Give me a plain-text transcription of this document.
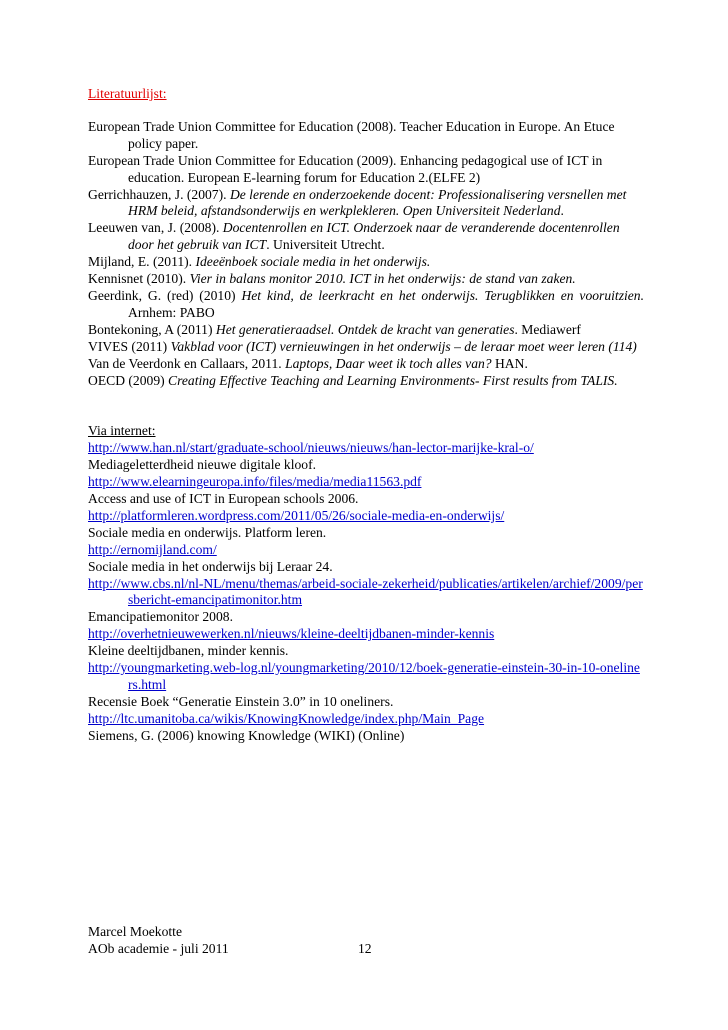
Literatuurlijst:

European Trade Union Committee for Education (2008). Teacher Education in Europe. An Etuce policy paper.

European Trade Union Committee for Education (2009). Enhancing pedagogical use of ICT in education. European E-learning forum for Education 2.(ELFE 2)

Gerrichhauzen, J. (2007). De lerende en onderzoekende docent: Professionalisering versnellen met HRM beleid, afstandsonderwijs en werkplekleren. Open Universiteit Nederland.

Leeuwen van, J. (2008). Docentenrollen en ICT. Onderzoek naar de veranderende docentenrollen door het gebruik van ICT. Universiteit Utrecht.

Mijland, E. (2011). Ideeënboek sociale media in het onderwijs.

Kennisnet (2010). Vier in balans monitor 2010. ICT in het onderwijs: de stand van zaken.

Geerdink, G. (red) (2010) Het kind, de leerkracht en het onderwijs. Terugblikken en vooruitzien. Arnhem: PABO

Bontekoning, A (2011) Het generatieraadsel. Ontdek de kracht van generaties. Mediawerf

VIVES (2011) Vakblad voor (ICT) vernieuwingen in het onderwijs – de leraar moet weer leren (114)

Van de Veerdonk en Callaars, 2011. Laptops, Daar weet ik toch alles van? HAN.

OECD (2009) Creating Effective Teaching and Learning Environments- First results from TALIS.

Via internet:

http://www.han.nl/start/graduate-school/nieuws/nieuws/han-lector-marijke-kral-o/

Mediageletterdheid nieuwe digitale kloof.

http://www.elearningeuropa.info/files/media/media11563.pdf

Access and use of ICT in European schools 2006.

http://platformleren.wordpress.com/2011/05/26/sociale-media-en-onderwijs/

Sociale media en onderwijs. Platform leren.

http://ernomijland.com/

Sociale media in het onderwijs bij Leraar 24.

http://www.cbs.nl/nl-NL/menu/themas/arbeid-sociale-zekerheid/publicaties/artikelen/archief/2009/persbericht-emancipatimonitor.htm

Emancipatiemonitor 2008.

http://overhetnieuwewerken.nl/nieuws/kleine-deeltijdbanen-minder-kennis

Kleine deeltijdbanen, minder kennis.

http://youngmarketing.web-log.nl/youngmarketing/2010/12/boek-generatie-einstein-30-in-10-oneliners.html

Recensie Boek “Generatie Einstein 3.0” in 10 oneliners.

http://ltc.umanitoba.ca/wikis/KnowingKnowledge/index.php/Main_Page

Siemens, G. (2006) knowing Knowledge (WIKI) (Online)

Marcel Moekotte

AOb academie - juli 2011	12
